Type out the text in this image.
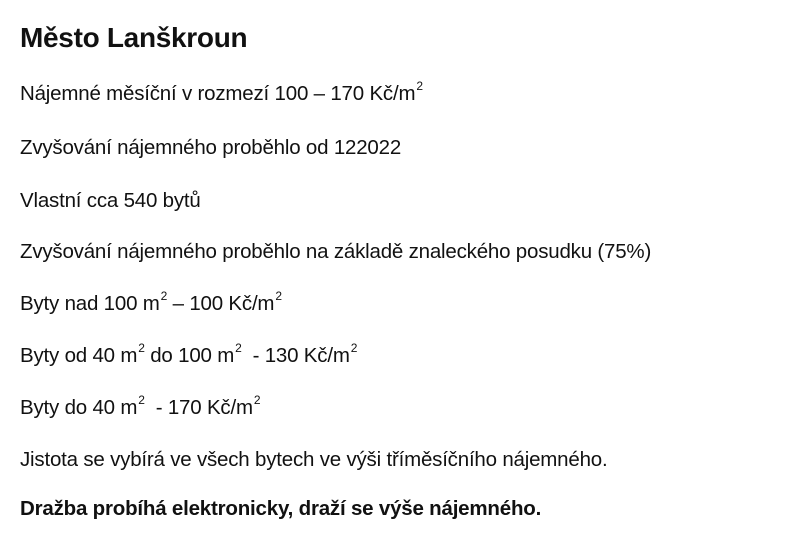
Město Lanškroun
Nájemné měsíční v rozmezí 100 – 170 $Kč/m^2$
Zvyšování nájemného proběhlo od 122022
Vlastní cca 540 bytů
Zvyšování nájemného proběhlo na základě znaleckého posudku (75%)
Byty nad 100 $m^2 - 100$ $Kč/m^2$
Byty od 40 $m^2$ do 100 $m^2 - 130$ $Kč/m^2$
Byty do 40 $m^2 - 170$ $Kč/m^2$
Jistota se vybírá ve všech bytech ve výši tříměsíčního nájemného.
Dražba probíhá elektronicky, draží se výše nájemného.
